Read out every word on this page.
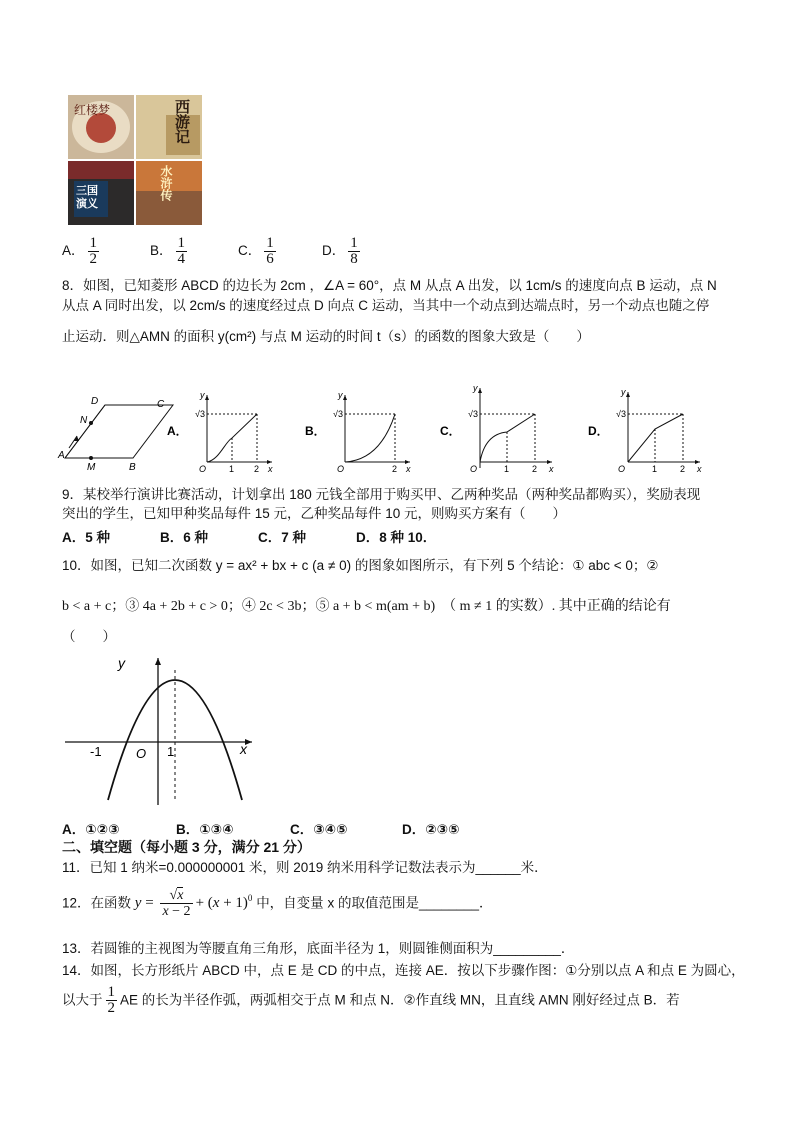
红楼梦	西游记
三国演义
水浒传
A． $\frac{1}{2}$	B． $\frac{1}{4}$	C． $\frac{1}{6}$	D． $\frac{1}{8}$
8．如图，已知菱形 ABCD 的边长为 2cm ，∠A = 60°，点 M 从点 A 出发，以 1cm/s 的速度向点 B 运动，点 N
从点 A 同时出发，以 2cm/s 的速度经过点 D 向点 C 运动，当其中一个动点到达端点时，另一个动点也随之停
止运动．则△AMN 的面积 y(cm²) 与点 M 运动的时间 t（s）的函数的图象大致是（　　）
A
M	B
C
D
N
A．
y
√3
O	1 2 x
B．
y
√3
O	2 x
C．
y
√3
O	1	2 x
D．
y
√3
O	1	2 x
9．某校举行演讲比赛活动，计划拿出 180 元钱全部用于购买甲、乙两种奖品（两种奖品都购买），奖励表现
突出的学生，已知甲种奖品每件 15 元，乙种奖品每件 10 元，则购买方案有（　　）
A．5 种	B．6 种	C．7 种	D．8 种 10．
10．如图，已知二次函数 y = ax² + bx + c (a ≠ 0) 的图象如图所示，有下列 5 个结论：① abc < 0；②
b < a + c；③ 4a + 2b + c > 0；④ 2c < 3b；⑤ a + b < m(am + b)　（ m ≠ 1 的实数）. 其中正确的结论有
（　　）
y
x
O
-1	1
A．①②③	B．①③④	C．③④⑤	D．②③⑤
二、填空题（每小题 3 分，满分 21 分）
11．已知 1 纳米=0.000000001 米，则 2019 纳米用科学记数法表示为______米．
12．在函数 $y = \frac{√x}{x - 2} + (x + 1)^0$ 中，自变量 x 的取值范围是________．
13．若圆锥的主视图为等腰直角三角形，底面半径为 1，则圆锥侧面积为_________．
14．如图，长方形纸片 ABCD 中，点 E 是 CD 的中点，连接 AE．按以下步骤作图：①分别以点 A 和点 E 为圆心，
以大于 $\frac{1}{2}$ AE 的长为半径作弧，两弧相交于点 M 和点 N．②作直线 MN，且直线 AMN 刚好经过点 B．若
